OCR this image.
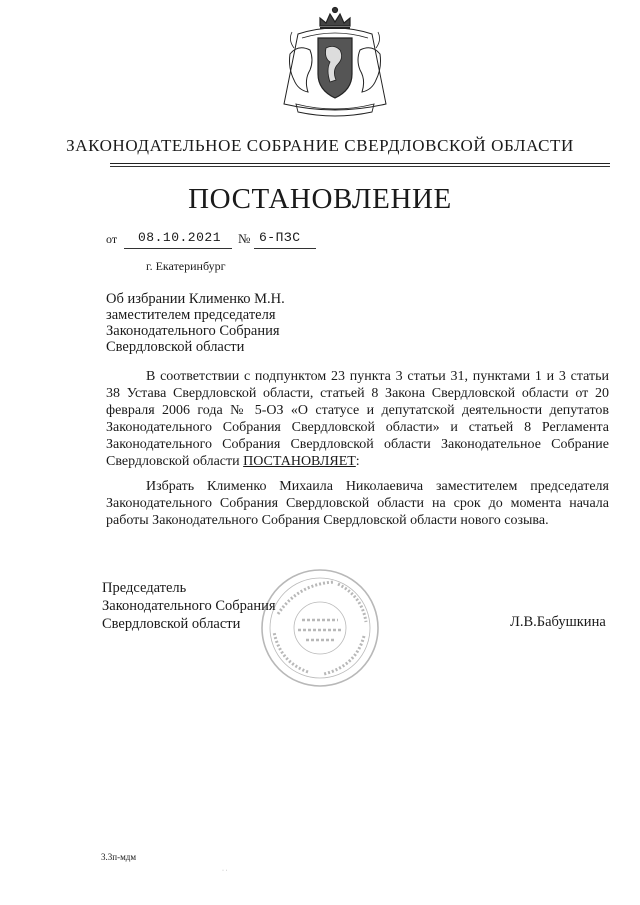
ЗАКОНОДАТЕЛЬНОЕ СОБРАНИЕ СВЕРДЛОВСКОЙ ОБЛАСТИ
ПОСТАНОВЛЕНИЕ
от 08.10.2021 № 6-ПЗС
г. Екатеринбург
Об избрании Клименко М.Н.
заместителем председателя
Законодательного Собрания
Свердловской области

В соответствии с подпунктом 23 пункта 3 статьи 31, пунктами 1 и 3 статьи 38 Устава Свердловской области, статьей 8 Закона Свердловской области от 20 февраля 2006 года № 5-ОЗ «О статусе и депутатской деятельности депутатов Законодательного Собрания Свердловской области» и статьей 8 Регламента Законодательного Собрания Свердловской области Законодательное Собрание Свердловской области ПОСТАНОВЛЯЕТ:

Избрать Клименко Михаила Николаевича заместителем председателя Законодательного Собрания Свердловской области на срок до момента начала работы Законодательного Собрания Свердловской области нового созыва.

Председатель
Законодательного Собрания
Свердловской области	Л.В.Бабушкина
3.3п-мдм
· ·
